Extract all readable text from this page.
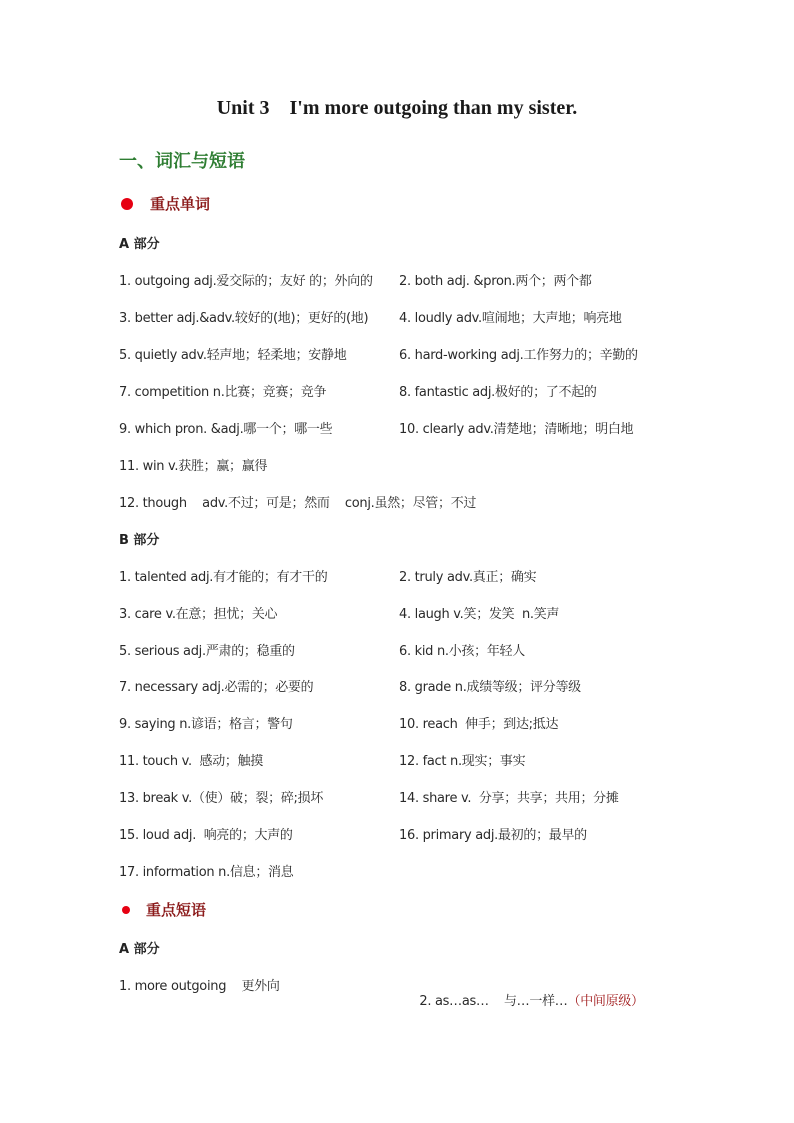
Unit 3    I'm more outgoing than my sister.
一、词汇与短语
重点单词
A 部分
1. outgoing adj.爱交际的；友好 的；外向的 2. both adj. &pron.两个；两个都
3. better adj.&adv.较好的(地)；更好的(地) 4. loudly adv.喧闹地；大声地；响亮地
5. quietly adv.轻声地；轻柔地；安静地	6. hard-working adj.工作努力的；辛勤的
7. competition n.比赛；竞赛；竞争	8. fantastic adj.极好的；了不起的
9. which pron. &adj.哪一个；哪一些	10. clearly adv.清楚地；清晰地；明白地
11. win v.获胜；赢；赢得
12. though    adv.不过；可是；然而    conj.虽然；尽管；不过
B 部分
1. talented adj.有才能的；有才干的	2. truly adv.真正；确实
3. care v.在意；担忧；关心	4. laugh v.笑；发笑  n.笑声
5. serious adj.严肃的；稳重的	6. kid n.小孩；年轻人
7. necessary adj.必需的；必要的	8. grade n.成绩等级；评分等级
9. saying n.谚语；格言；警句	10. reach  伸手；到达;抵达
11. touch v.  感动；触摸	12. fact n.现实；事实
13. break v.（使）破；裂；碎;损坏	14. share v.  分享；共享；共用；分摊
15. loud adj.  响亮的；大声的	16. primary adj.最初的；最早的
17. information n.信息；消息
重点短语
A 部分
1. more outgoing    更外向

2. as…as…    与…一样…（中间原级）
